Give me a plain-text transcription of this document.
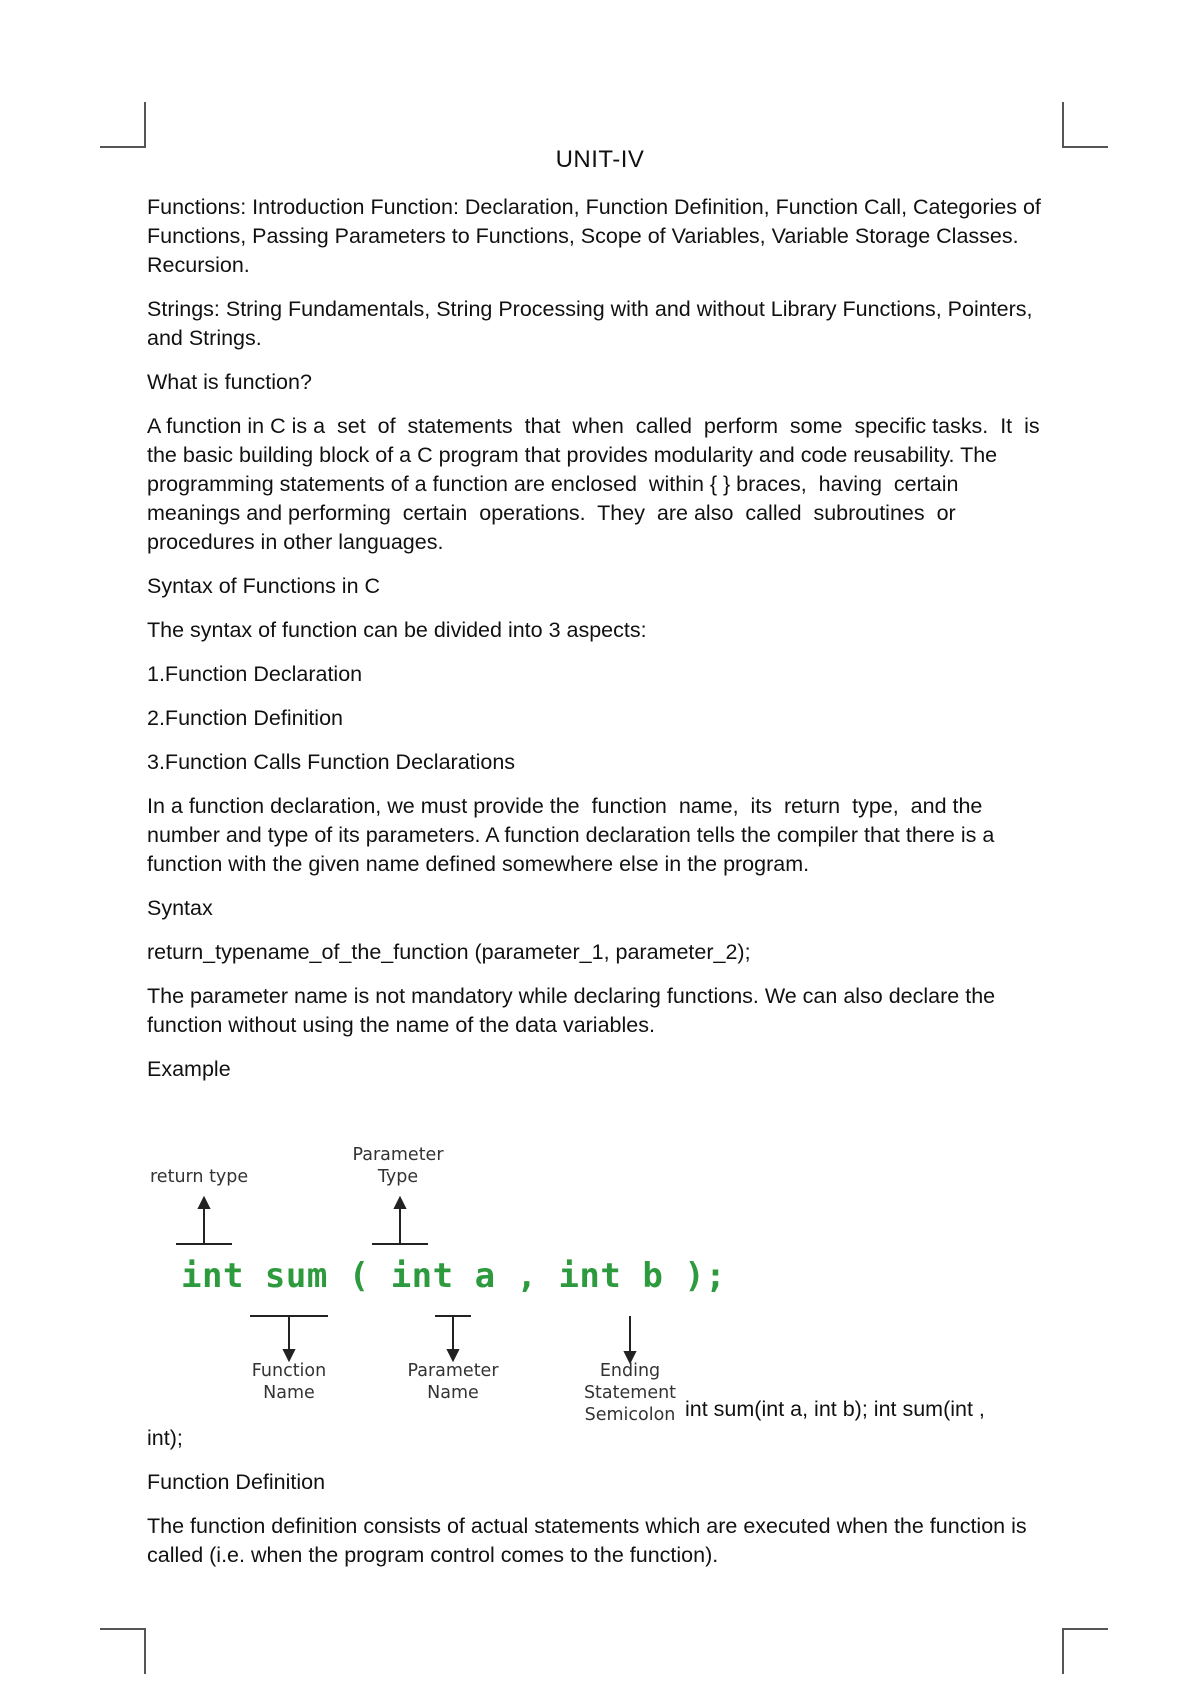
UNIT-IV

Functions: Introduction Function: Declaration, Function Definition, Function Call, Categories of Functions, Passing Parameters to Functions, Scope of Variables, Variable Storage Classes. Recursion.

Strings: String Fundamentals, String Processing with and without Library Functions, Pointers, and Strings.

What is function?

A function in C is a  set  of  statements  that  when  called  perform  some  specific tasks.  It  is the basic building block of a C program that provides modularity and code reusability. The programming statements of a function are enclosed  within { } braces,  having  certain meanings and performing  certain  operations.  They  are also  called  subroutines  or procedures in other languages.

Syntax of Functions in C

The syntax of function can be divided into 3 aspects:

1.Function Declaration

2.Function Definition

3.Function Calls Function Declarations

In a function declaration, we must provide the  function  name,  its  return  type,  and the number and type of its parameters. A function declaration tells the compiler that there is a function with the given name defined somewhere else in the program.

Syntax

return_typename_of_the_function (parameter_1, parameter_2);

The parameter name is not mandatory while declaring functions. We can also declare the function without using the name of the data variables.

Example

int sum(int a, int b); int sum(int ,
int);

Function Definition

The function definition consists of actual statements which are executed when the function is called (i.e. when the program control comes to the function).

return type
Parameter
Type
Function
Name
Parameter
Name
Ending
Statement
Semicolon
int sum ( int a , int b );
